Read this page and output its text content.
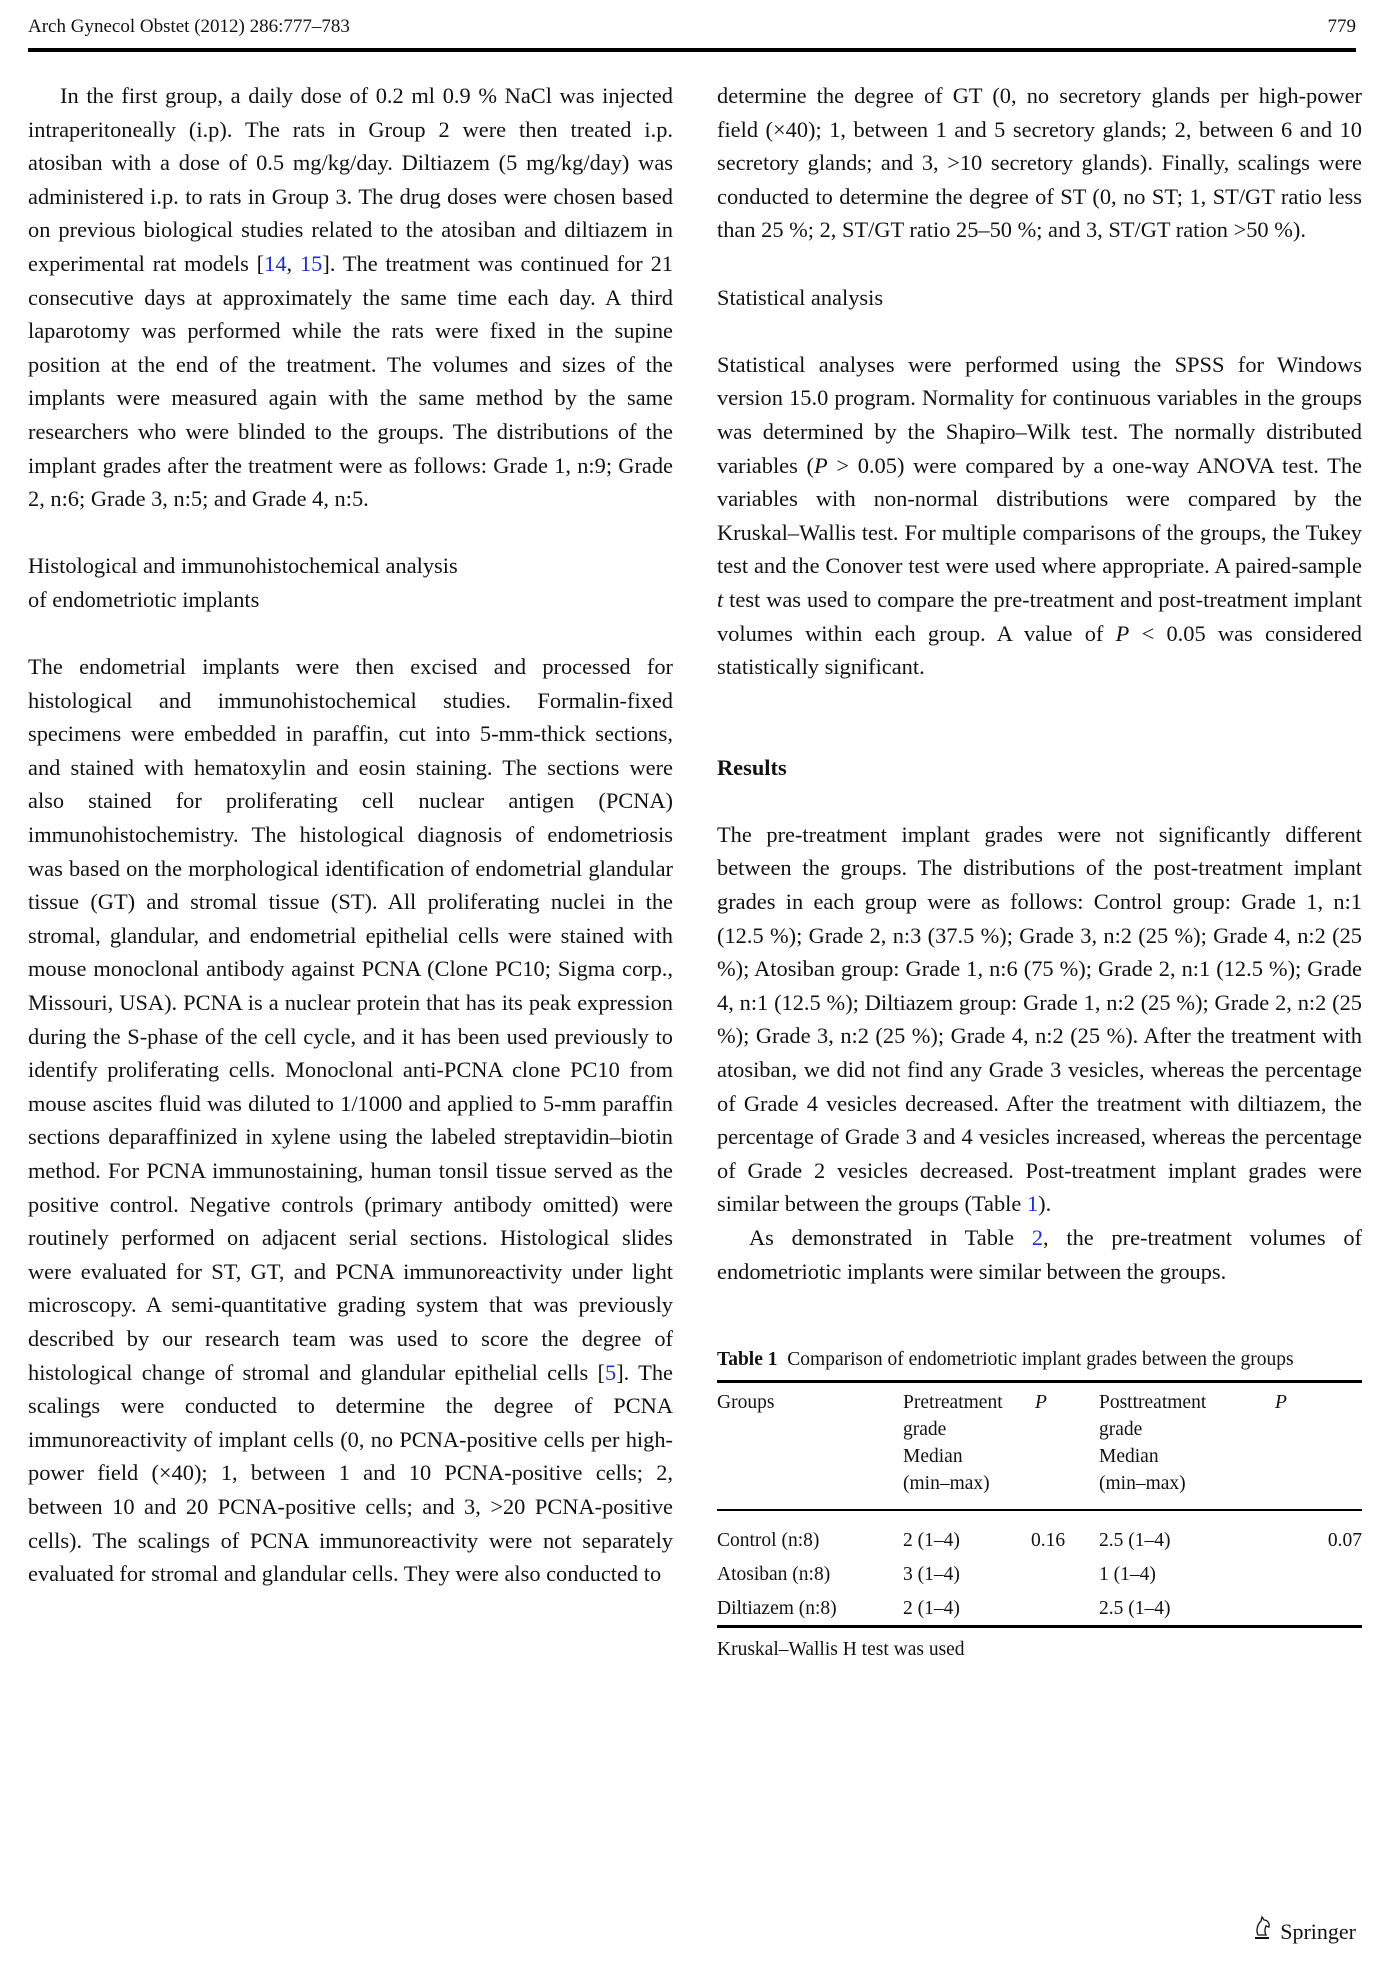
Arch Gynecol Obstet (2012) 286:777–783	779

In the first group, a daily dose of 0.2 ml 0.9 % NaCl was injected intraperitoneally (i.p). The rats in Group 2 were then treated i.p. atosiban with a dose of 0.5 mg/kg/day. Diltiazem (5 mg/kg/day) was administered i.p. to rats in Group 3. The drug doses were chosen based on previous biological studies related to the atosiban and diltiazem in experimental rat models [14, 15]. The treatment was continued for 21 consecutive days at approximately the same time each day. A third laparotomy was performed while the rats were fixed in the supine position at the end of the treatment. The volumes and sizes of the implants were measured again with the same method by the same researchers who were blinded to the groups. The distributions of the implant grades after the treatment were as follows: Grade 1, n:9; Grade 2, n:6; Grade 3, n:5; and Grade 4, n:5.

Histological and immunohistochemical analysis
of endometriotic implants

The endometrial implants were then excised and processed for histological and immunohistochemical studies. Formalin-fixed specimens were embedded in paraffin, cut into 5-mm-thick sections, and stained with hematoxylin and eosin staining. The sections were also stained for proliferating cell nuclear antigen (PCNA) immunohistochemistry. The histological diagnosis of endometriosis was based on the morphological identification of endometrial glandular tissue (GT) and stromal tissue (ST). All proliferating nuclei in the stromal, glandular, and endometrial epithelial cells were stained with mouse monoclonal antibody against PCNA (Clone PC10; Sigma corp., Missouri, USA). PCNA is a nuclear protein that has its peak expression during the S-phase of the cell cycle, and it has been used previously to identify proliferating cells. Monoclonal anti-PCNA clone PC10 from mouse ascites fluid was diluted to 1/1000 and applied to 5-mm paraffin sections deparaffinized in xylene using the labeled streptavidin–biotin method. For PCNA immunostaining, human tonsil tissue served as the positive control. Negative controls (primary antibody omitted) were routinely performed on adjacent serial sections. Histological slides were evaluated for ST, GT, and PCNA immunoreactivity under light microscopy. A semi-quantitative grading system that was previously described by our research team was used to score the degree of histological change of stromal and glandular epithelial cells [5]. The scalings were conducted to determine the degree of PCNA immunoreactivity of implant cells (0, no PCNA-positive cells per high-power field (×40); 1, between 1 and 10 PCNA-positive cells; 2, between 10 and 20 PCNA-positive cells; and 3, >20 PCNA-positive cells). The scalings of PCNA immunoreactivity were not separately evaluated for stromal and glandular cells. They were also conducted to

determine the degree of GT (0, no secretory glands per high-power field (×40); 1, between 1 and 5 secretory glands; 2, between 6 and 10 secretory glands; and 3, >10 secretory glands). Finally, scalings were conducted to determine the degree of ST (0, no ST; 1, ST/GT ratio less than 25 %; 2, ST/GT ratio 25–50 %; and 3, ST/GT ration >50 %).

Statistical analysis

Statistical analyses were performed using the SPSS for Windows version 15.0 program. Normality for continuous variables in the groups was determined by the Shapiro–Wilk test. The normally distributed variables (P > 0.05) were compared by a one-way ANOVA test. The variables with non-normal distributions were compared by the Kruskal–Wallis test. For multiple comparisons of the groups, the Tukey test and the Conover test were used where appropriate. A paired-sample t test was used to compare the pre-treatment and post-treatment implant volumes within each group. A value of P < 0.05 was considered statistically significant.

Results

The pre-treatment implant grades were not significantly different between the groups. The distributions of the post-treatment implant grades in each group were as follows: Control group: Grade 1, n:1 (12.5 %); Grade 2, n:3 (37.5 %); Grade 3, n:2 (25 %); Grade 4, n:2 (25 %); Atosiban group: Grade 1, n:6 (75 %); Grade 2, n:1 (12.5 %); Grade 4, n:1 (12.5 %); Diltiazem group: Grade 1, n:2 (25 %); Grade 2, n:2 (25 %); Grade 3, n:2 (25 %); Grade 4, n:2 (25 %). After the treatment with atosiban, we did not find any Grade 3 vesicles, whereas the percentage of Grade 4 vesicles decreased. After the treatment with diltiazem, the percentage of Grade 3 and 4 vesicles increased, whereas the percentage of Grade 2 vesicles decreased. Post-treatment implant grades were similar between the groups (Table 1).

As demonstrated in Table 2, the pre-treatment volumes of endometriotic implants were similar between the groups.

Table 1 Comparison of endometriotic implant grades between the groups

Groups	Pretreatment
grade
Median
(min–max)	P	Posttreatment
grade
Median
(min–max)	P

Control (n:8)	2 (1–4)	0.16	2.5 (1–4)	0.07
Atosiban (n:8)	3 (1–4)		1 (1–4)	
Diltiazem (n:8)	2 (1–4)		2.5 (1–4)	

Kruskal–Wallis H test was used

Springer
